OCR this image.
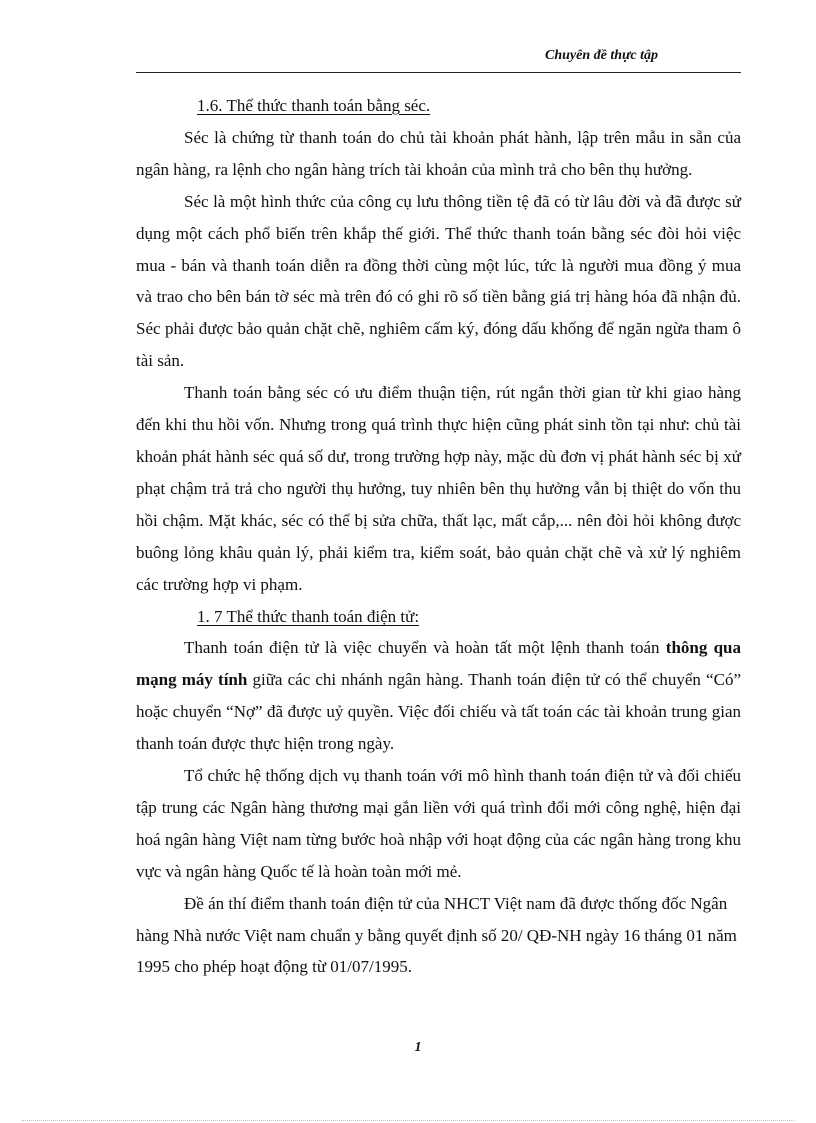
Chuyên đề thực tập

1.6. Thể thức thanh toán bằng séc.

Séc là chứng từ thanh toán do chủ tài khoản phát hành, lập trên mẫu in sẵn của ngân hàng, ra lệnh cho ngân hàng trích tài khoản của mình trả cho bên thụ hưởng.

Séc là một hình thức của công cụ lưu thông tiền tệ đã có từ lâu đời và đã được sử dụng một cách phổ biến trên khắp thế giới. Thể thức thanh toán bằng séc đòi hỏi việc mua - bán và thanh toán diễn ra đồng thời cùng một lúc, tức là người mua đồng ý mua và trao cho bên bán tờ séc mà trên đó có ghi rõ số tiền bằng giá trị hàng hóa đã nhận đủ. Séc phải được bảo quản chặt chẽ, nghiêm cấm ký, đóng dấu khống để ngăn ngừa tham ô tài sản.

Thanh toán bằng séc có ưu điểm thuận tiện, rút ngắn thời gian từ khi giao hàng đến khi thu hồi vốn. Nhưng trong quá trình thực hiện cũng phát sinh tồn tại như: chủ tài khoản phát hành séc quá số dư, trong trường hợp này, mặc dù đơn vị phát hành séc bị xử phạt chậm trả trả cho người thụ hưởng, tuy nhiên bên thụ hưởng vẫn bị thiệt do vốn thu hồi chậm. Mặt khác, séc có thể bị sửa chữa, thất lạc, mất cắp,... nên đòi hỏi không được buông lỏng khâu quản lý, phải kiểm tra, kiểm soát, bảo quản chặt chẽ và xử lý nghiêm các trường hợp vi phạm.

1. 7 Thể thức thanh toán điện tử:

Thanh toán điện tử là việc chuyển và hoàn tất một lệnh thanh toán thông qua mạng máy tính giữa các chi nhánh ngân hàng. Thanh toán điện tử có thể chuyển “Có” hoặc chuyển “Nợ” đã được uỷ quyền. Việc đối chiếu và tất toán các tài khoản trung gian thanh toán được thực hiện trong ngày.

Tổ chức hệ thống dịch vụ thanh toán với mô hình thanh toán điện tử và đối chiếu tập trung các Ngân hàng thương mại gắn liền với quá trình đổi mới công nghệ, hiện đại hoá ngân hàng Việt nam từng bước hoà nhập với hoạt động của các ngân hàng trong khu vực và ngân hàng Quốc tế là hoàn toàn mới mẻ.

Đề án thí điểm thanh toán điện tử của NHCT Việt nam đã được thống đốc Ngân hàng Nhà nước Việt nam chuẩn y bằng quyết định số 20/ QĐ-NH ngày 16 tháng 01 năm 1995 cho phép hoạt động từ 01/07/1995.

1
